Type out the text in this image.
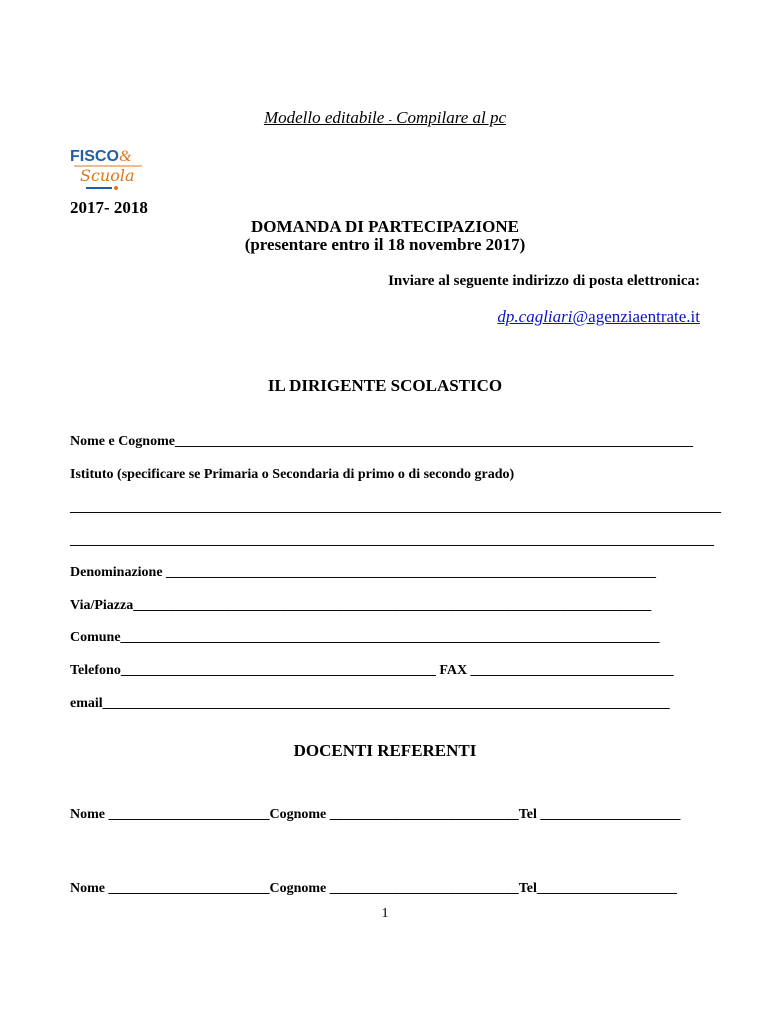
Modello editabile - Compilare al pc

FISCO &
Scuola

2017- 2018

DOMANDA DI PARTECIPAZIONE
(presentare entro il 18 novembre 2017)

Inviare al seguente indirizzo di posta elettronica:

dp.cagliari@agenziaentrate.it

IL DIRIGENTE SCOLASTICO

Nome e Cognome__________________________________________________________________________

Istituto (specificare se Primaria o Secondaria di primo o di secondo grado)

_____________________________________________________________________________________________

____________________________________________________________________________________________

Denominazione ______________________________________________________________________

Via/Piazza__________________________________________________________________________

Comune_____________________________________________________________________________

Telefono_____________________________________________ FAX _____________________________

email_________________________________________________________________________________

DOCENTI REFERENTI

Nome _______________________Cognome ___________________________Tel ____________________

Nome _______________________Cognome ___________________________Tel____________________

1
